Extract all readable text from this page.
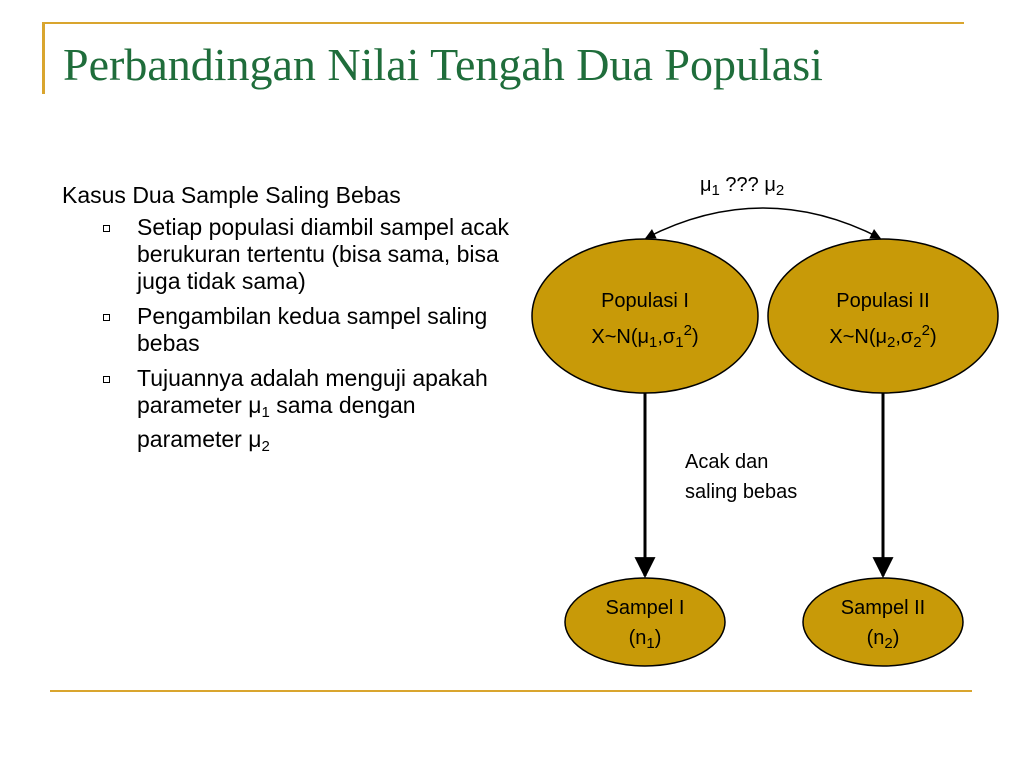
Perbandingan Nilai Tengah Dua Populasi
Kasus Dua Sample Saling Bebas
Setiap populasi diambil sampel acak berukuran tertentu (bisa sama, bisa juga tidak sama)
Pengambilan kedua sampel saling bebas
Tujuannya adalah menguji apakah parameter $\mu_1$ sama dengan parameter $\mu_2$
$\mu_1$ ??? $\mu_2$
Populasi I
$X\sim N(\mu_1,\sigma_1^2)$
Populasi II
$X\sim N(\mu_2,\sigma_2^2)$
Sampel I
$(n_1)$
Sampel II
$(n_2)$
Acak dan
saling bebas
